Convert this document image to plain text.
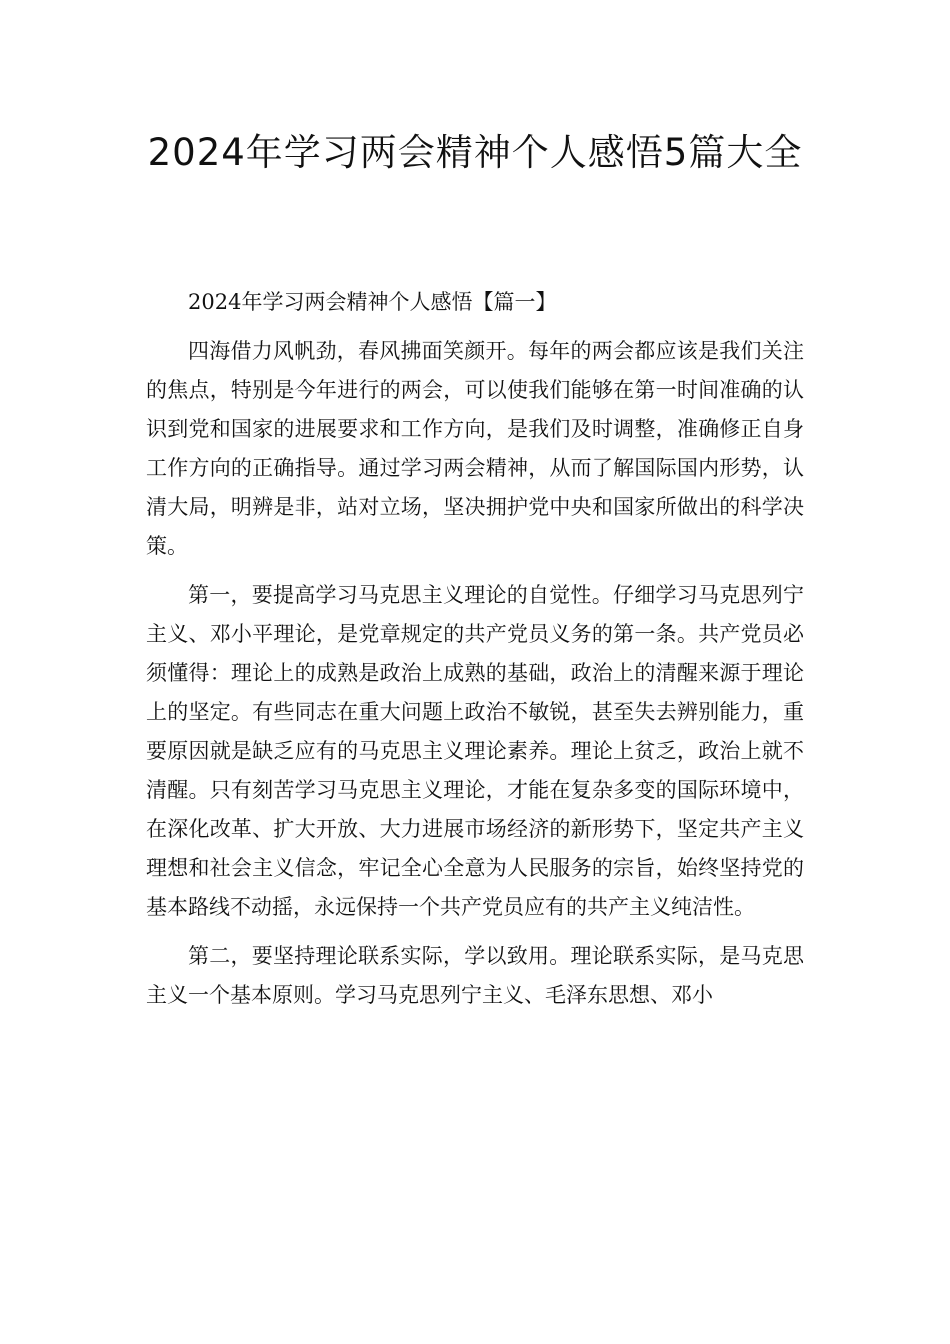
2024年学习两会精神个人感悟5篇大全

2024年学习两会精神个人感悟【篇一】

四海借力风帆劲，春风拂面笑颜开。每年的两会都应该是我们关注的焦点，特别是今年进行的两会，可以使我们能够在第一时间准确的认识到党和国家的进展要求和工作方向，是我们及时调整，准确修正自身工作方向的正确指导。通过学习两会精神，从而了解国际国内形势，认清大局，明辨是非，站对立场，坚决拥护党中央和国家所做出的科学决策。

第一，要提高学习马克思主义理论的自觉性。仔细学习马克思列宁主义、邓小平理论，是党章规定的共产党员义务的第一条。共产党员必须懂得：理论上的成熟是政治上成熟的基础，政治上的清醒来源于理论上的坚定。有些同志在重大问题上政治不敏锐，甚至失去辨别能力，重要原因就是缺乏应有的马克思主义理论素养。理论上贫乏，政治上就不清醒。只有刻苦学习马克思主义理论，才能在复杂多变的国际环境中，在深化改革、扩大开放、大力进展市场经济的新形势下，坚定共产主义理想和社会主义信念，牢记全心全意为人民服务的宗旨，始终坚持党的基本路线不动摇，永远保持一个共产党员应有的共产主义纯洁性。

第二，要坚持理论联系实际，学以致用。理论联系实际，是马克思主义一个基本原则。学习马克思列宁主义、毛泽东思想、邓小
